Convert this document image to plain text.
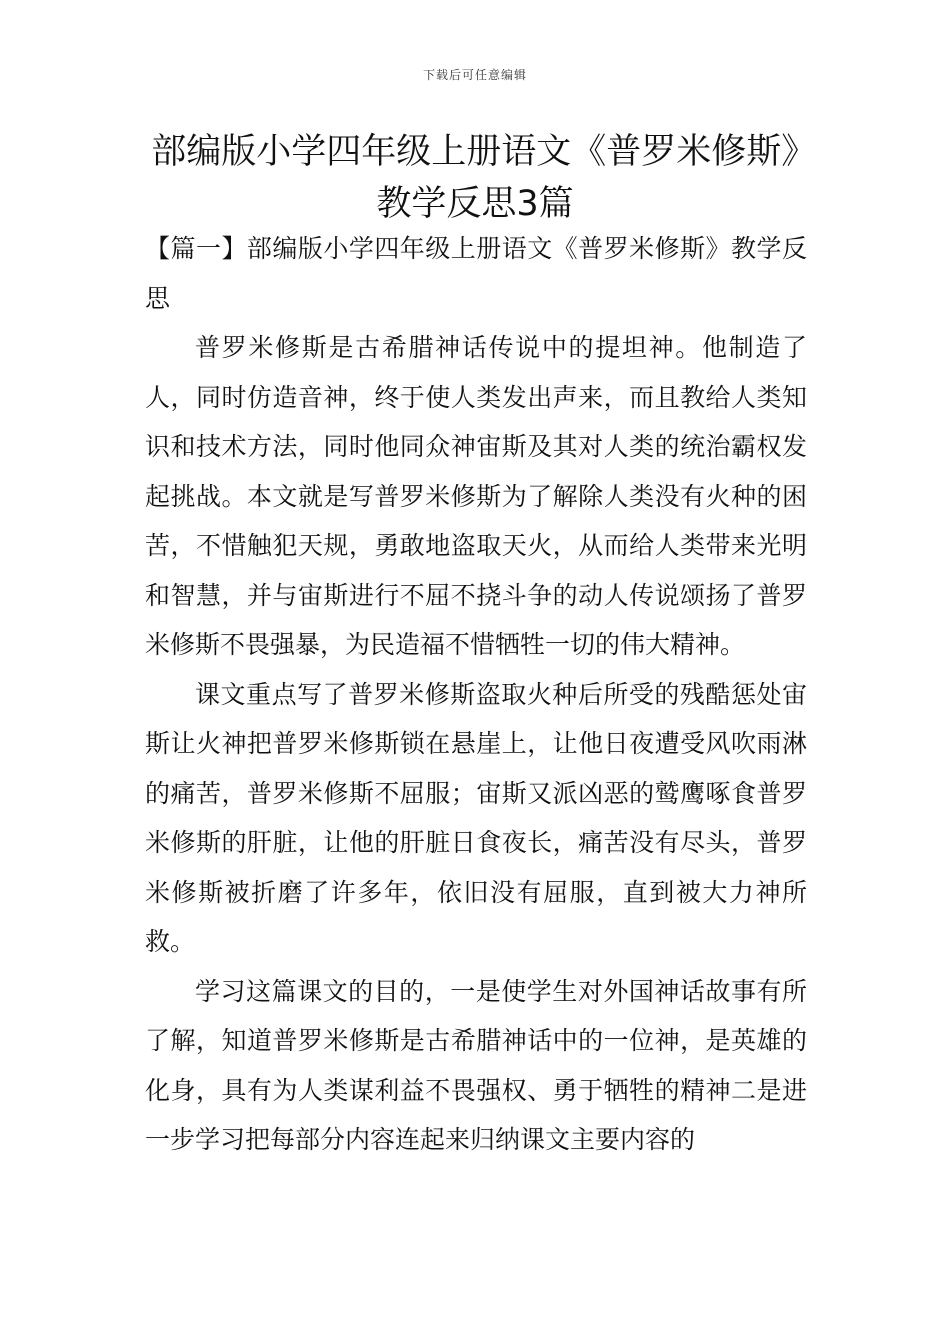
下载后可任意编辑
部编版小学四年级上册语文《普罗米修斯》教学反思3篇

【篇一】部编版小学四年级上册语文《普罗米修斯》教学反思

普罗米修斯是古希腊神话传说中的提坦神。他制造了人，同时仿造音神，终于使人类发出声来，而且教给人类知识和技术方法，同时他同众神宙斯及其对人类的统治霸权发起挑战。本文就是写普罗米修斯为了解除人类没有火种的困苦，不惜触犯天规，勇敢地盗取天火，从而给人类带来光明和智慧，并与宙斯进行不屈不挠斗争的动人传说颂扬了普罗米修斯不畏强暴，为民造福不惜牺牲一切的伟大精神。

课文重点写了普罗米修斯盗取火种后所受的残酷惩处宙斯让火神把普罗米修斯锁在悬崖上，让他日夜遭受风吹雨淋的痛苦，普罗米修斯不屈服；宙斯又派凶恶的鹫鹰啄食普罗米修斯的肝脏，让他的肝脏日食夜长，痛苦没有尽头，普罗米修斯被折磨了许多年，依旧没有屈服，直到被大力神所救。

学习这篇课文的目的，一是使学生对外国神话故事有所了解，知道普罗米修斯是古希腊神话中的一位神，是英雄的化身，具有为人类谋利益不畏强权、勇于牺牲的精神二是进一步学习把每部分内容连起来归纳课文主要内容的
